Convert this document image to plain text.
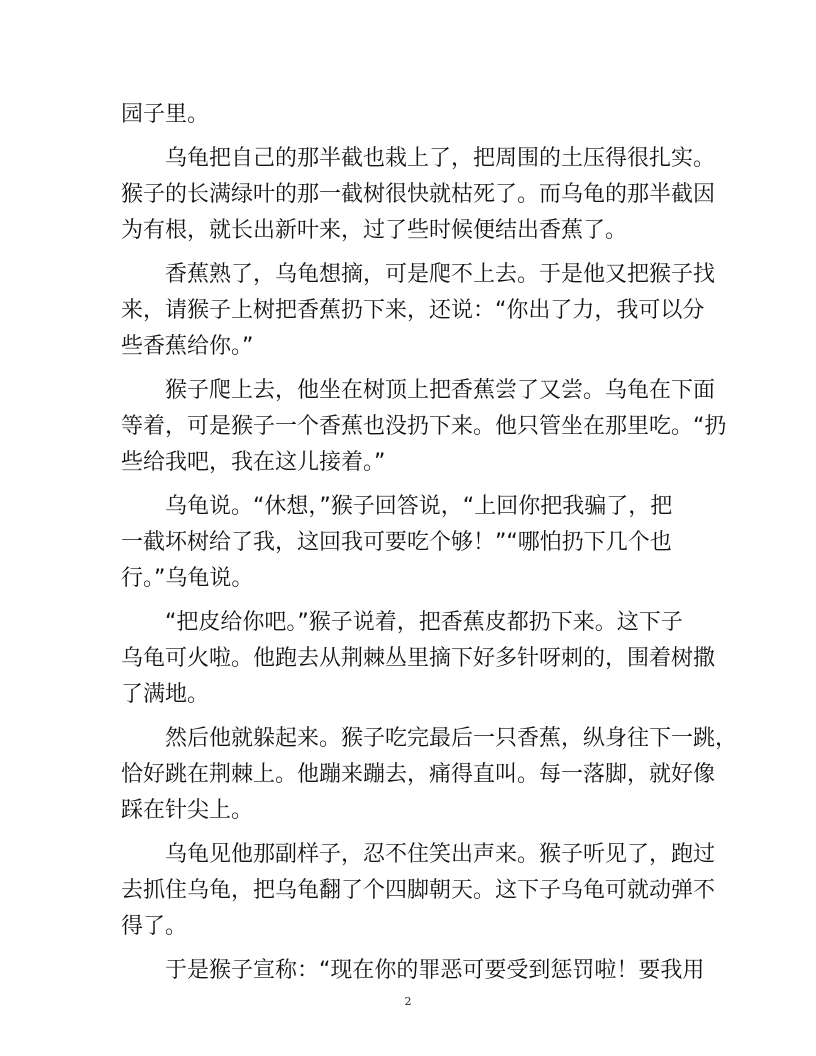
园子里。
乌龟把自己的那半截也栽上了，把周围的土压得很扎实。
猴子的长满绿叶的那一截树很快就枯死了。而乌龟的那半截因
为有根，就长出新叶来，过了些时候便结出香蕉了。
香蕉熟了，乌龟想摘，可是爬不上去。于是他又把猴子找
来，请猴子上树把香蕉扔下来，还说：“你出了力，我可以分
些香蕉给你。”
猴子爬上去，他坐在树顶上把香蕉尝了又尝。乌龟在下面
等着，可是猴子一个香蕉也没扔下来。他只管坐在那里吃。“扔
些给我吧，我在这儿接着。”
乌龟说。“休想，”猴子回答说，“上回你把我骗了，把
一截坏树给了我，这回我可要吃个够！”“哪怕扔下几个也
行。”乌龟说。
“把皮给你吧。”猴子说着，把香蕉皮都扔下来。这下子
乌龟可火啦。他跑去从荆棘丛里摘下好多针呀刺的，围着树撒
了满地。
然后他就躲起来。猴子吃完最后一只香蕉，纵身往下一跳，
恰好跳在荆棘上。他蹦来蹦去，痛得直叫。每一落脚，就好像
踩在针尖上。
乌龟见他那副样子，忍不住笑出声来。猴子听见了，跑过
去抓住乌龟，把乌龟翻了个四脚朝天。这下子乌龟可就动弹不
得了。
于是猴子宣称：“现在你的罪恶可要受到惩罚啦！要我用
2
